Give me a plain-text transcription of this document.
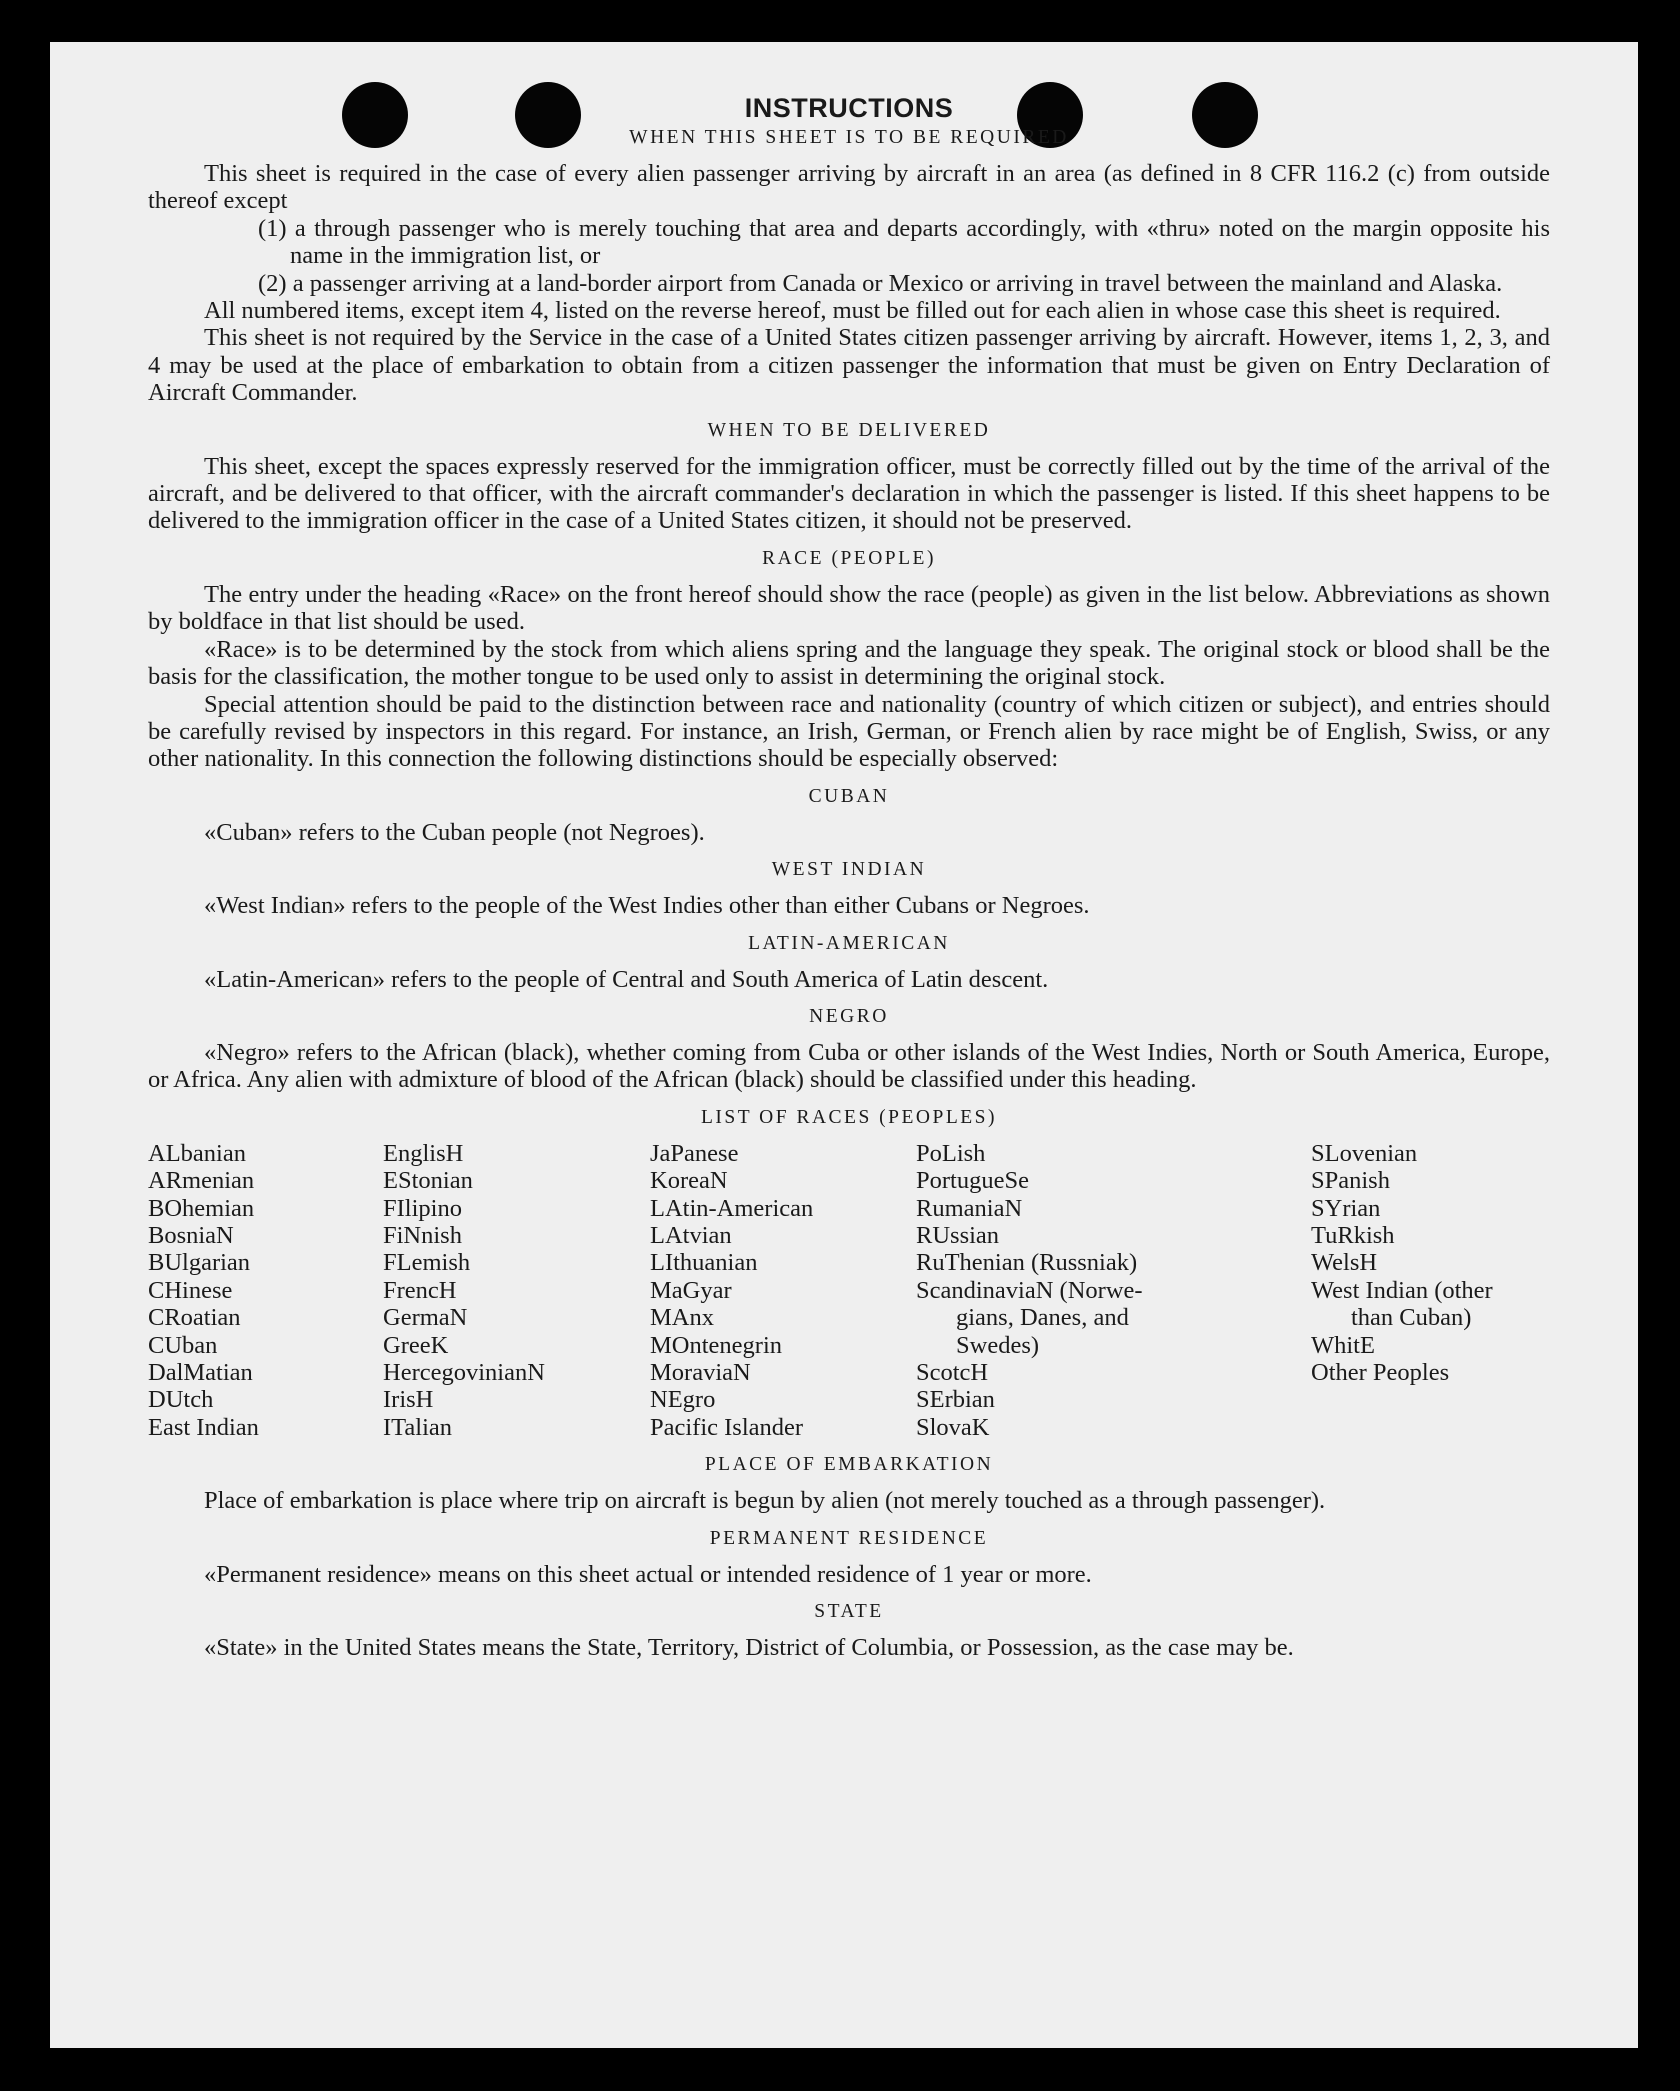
INSTRUCTIONS
WHEN THIS SHEET IS TO BE REQUIRED

This sheet is required in the case of every alien passenger arriving by aircraft in an area (as defined in 8 CFR 116.2 (c) from outside thereof except

(1) a through passenger who is merely touching that area and departs accordingly, with «thru» noted on the margin opposite his name in the immigration list, or

(2) a passenger arriving at a land-border airport from Canada or Mexico or arriving in travel between the mainland and Alaska.

All numbered items, except item 4, listed on the reverse hereof, must be filled out for each alien in whose case this sheet is required.

This sheet is not required by the Service in the case of a United States citizen passenger arriving by aircraft. However, items 1, 2, 3, and 4 may be used at the place of embarkation to obtain from a citizen passenger the information that must be given on Entry Declaration of Aircraft Commander.

WHEN TO BE DELIVERED

This sheet, except the spaces expressly reserved for the immigration officer, must be correctly filled out by the time of the arrival of the aircraft, and be delivered to that officer, with the aircraft commander's declaration in which the passenger is listed. If this sheet happens to be delivered to the immigration officer in the case of a United States citizen, it should not be preserved.

RACE (PEOPLE)

The entry under the heading «Race» on the front hereof should show the race (people) as given in the list below. Abbreviations as shown by boldface in that list should be used.

«Race» is to be determined by the stock from which aliens spring and the language they speak. The original stock or blood shall be the basis for the classification, the mother tongue to be used only to assist in determining the original stock.

Special attention should be paid to the distinction between race and nationality (country of which citizen or subject), and entries should be carefully revised by inspectors in this regard. For instance, an Irish, German, or French alien by race might be of English, Swiss, or any other nationality. In this connection the following distinctions should be especially observed:

CUBAN

«Cuban» refers to the Cuban people (not Negroes).

WEST INDIAN

«West Indian» refers to the people of the West Indies other than either Cubans or Negroes.

LATIN-AMERICAN

«Latin-American» refers to the people of Central and South America of Latin descent.

NEGRO

«Negro» refers to the African (black), whether coming from Cuba or other islands of the West Indies, North or South America, Europe, or Africa. Any alien with admixture of blood of the African (black) should be classified under this heading.

LIST OF RACES (PEOPLES)
ALbanian
ARmenian
BOhemian
BosniaN
BUlgarian
CHinese
CRoatian
CUban
DalMatian
DUtch
East Indian
EnglisH
EStonian
FIlipino
FiNnish
FLemish
FrencH
GermaN
GreeK
HercegovinianN
IrisH
ITalian
JaPanese
KoreaN
LAtin-American
LAtvian
LIthuanian
MaGyar
MAnx
MOntenegrin
MoraviaN
NEgro
Pacific Islander
PoLish
PortugueSe
RumaniaN
RUssian
RuThenian (Russniak)
ScandinaviaN (Norwe-
gians, Danes, and
Swedes)
ScotcH
SErbian
SlovaK
SLovenian
SPanish
SYrian
TuRkish
WelsH
West Indian (other
than Cuban)
WhitE
Other Peoples
PLACE OF EMBARKATION

Place of embarkation is place where trip on aircraft is begun by alien (not merely touched as a through passenger).

PERMANENT RESIDENCE

«Permanent residence» means on this sheet actual or intended residence of 1 year or more.

STATE

«State» in the United States means the State, Territory, District of Columbia, or Possession, as the case may be.
